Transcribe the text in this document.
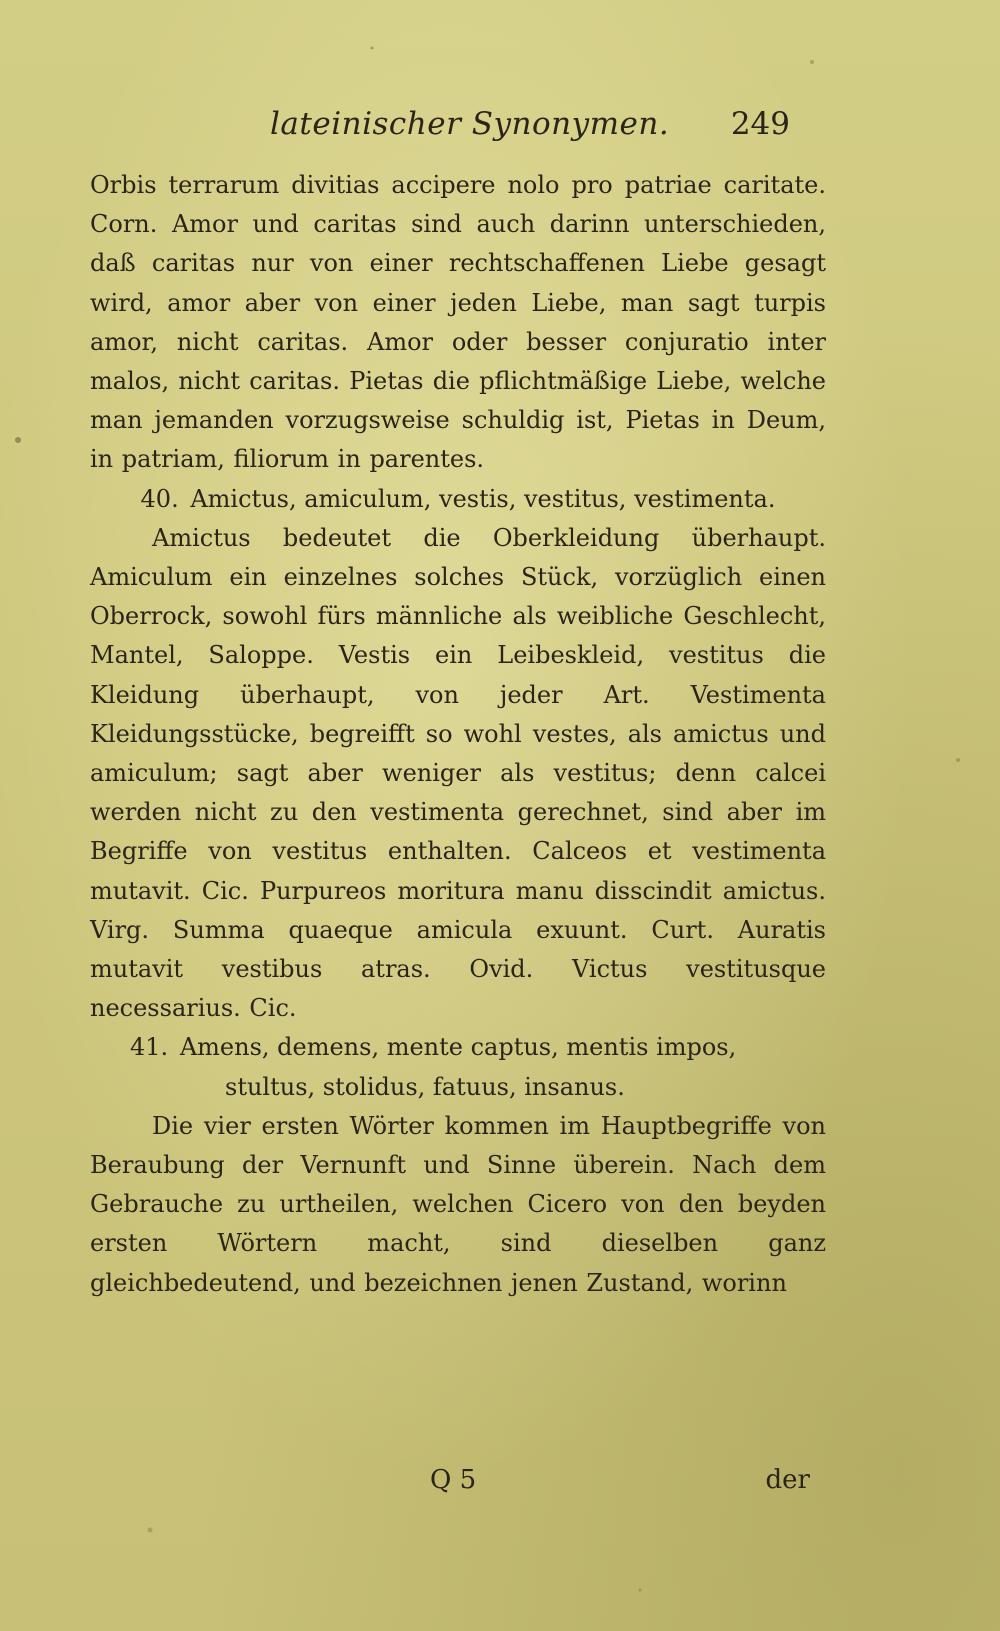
lateinischer Synonymen. 249

Orbis terrarum divitias accipere nolo pro patriae caritate. Corn. Amor und caritas sind auch darinn unterschieden, daß caritas nur von einer rechtschaffenen Liebe gesagt wird, amor aber von einer jeden Liebe, man sagt turpis amor, nicht caritas. Amor oder besser conjuratio inter malos, nicht caritas. Pietas die pflichtmäßige Liebe, welche man jemanden vorzugsweise schuldig ist, Pietas in Deum, in patriam, filiorum in parentes.

40. Amictus, amiculum, vestis, vestitus, vestimenta.

Amictus bedeutet die Oberkleidung überhaupt. Amiculum ein einzelnes solches Stück, vorzüglich einen Oberrock, sowohl fürs männliche als weibliche Geschlecht, Mantel, Saloppe. Vestis ein Leibeskleid, vestitus die Kleidung überhaupt, von jeder Art. Vestimenta Kleidungsstücke, begreifft so wohl vestes, als amictus und amiculum; sagt aber weniger als vestitus; denn calcei werden nicht zu den vestimenta gerechnet, sind aber im Begriffe von vestitus enthalten. Calceos et vestimenta mutavit. Cic. Purpureos moritura manu disscindit amictus. Virg. Summa quaeque amicula exuunt. Curt. Auratis mutavit vestibus atras. Ovid. Victus vestitusque necessarius. Cic.

41. Amens, demens, mente captus, mentis impos,
stultus, stolidus, fatuus, insanus.

Die vier ersten Wörter kommen im Hauptbegriffe von Beraubung der Vernunft und Sinne überein. Nach dem Gebrauche zu urtheilen, welchen Cicero von den beyden ersten Wörtern macht, sind dieselben ganz gleichbedeutend, und bezeichnen jenen Zustand, worinn

Q 5	der
